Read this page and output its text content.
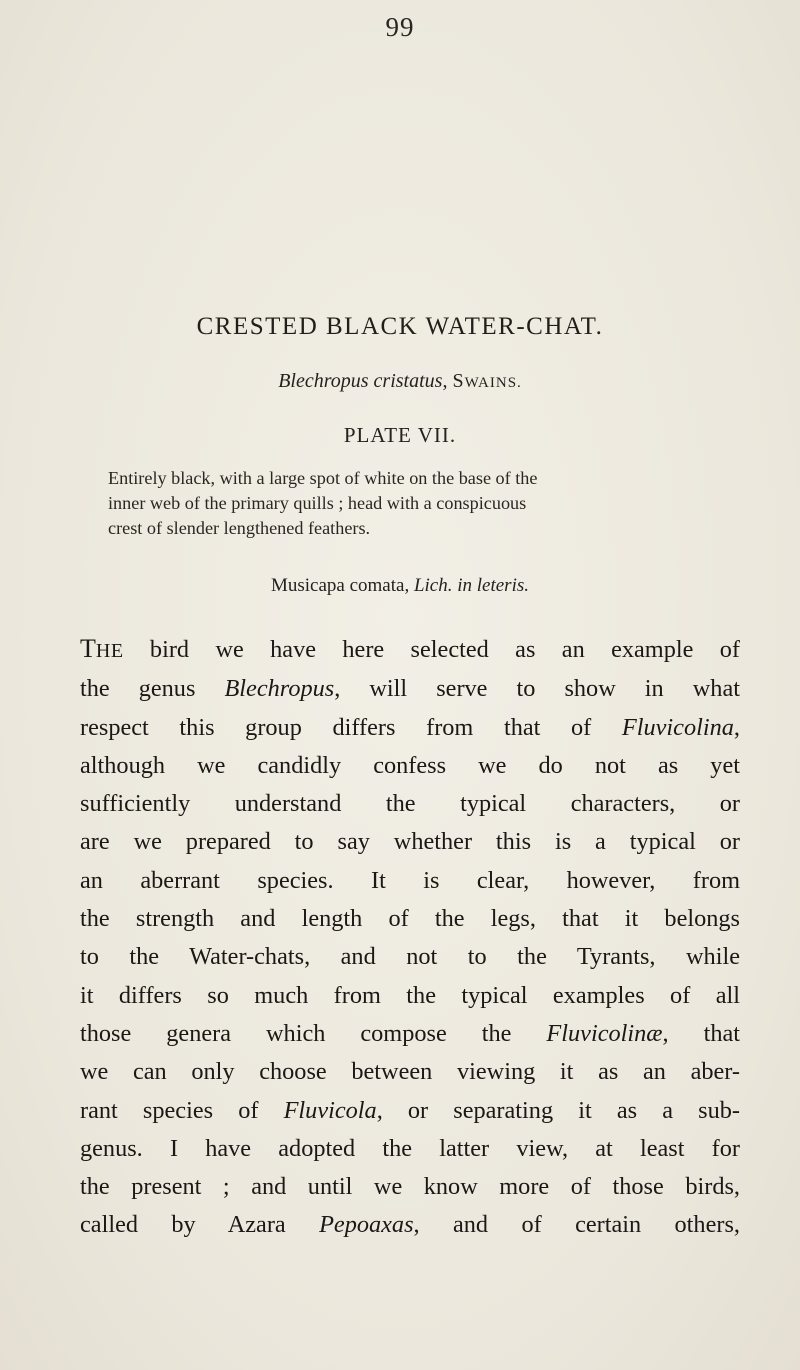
99
CRESTED BLACK WATER-CHAT.
Blechropus cristatus, SWAINS.
PLATE VII.
Entirely black, with a large spot of white on the base of the
inner web of the primary quills ; head with a conspicuous
crest of slender lengthened feathers.
Musicapa comata, Lich. in leteris.
THE bird we have here selected as an example of
the genus Blechropus, will serve to show in what
respect this group differs from that of Fluvicolina,
although we candidly confess we do not as yet
sufficiently understand the typical characters, or
are we prepared to say whether this is a typical or
an aberrant species. It is clear, however, from
the strength and length of the legs, that it belongs
to the Water-chats, and not to the Tyrants, while
it differs so much from the typical examples of all
those genera which compose the Fluvicolinæ, that
we can only choose between viewing it as an aber-
rant species of Fluvicola, or separating it as a sub-
genus. I have adopted the latter view, at least for
the present ; and until we know more of those birds,
called by Azara Pepoaxas, and of certain others,
